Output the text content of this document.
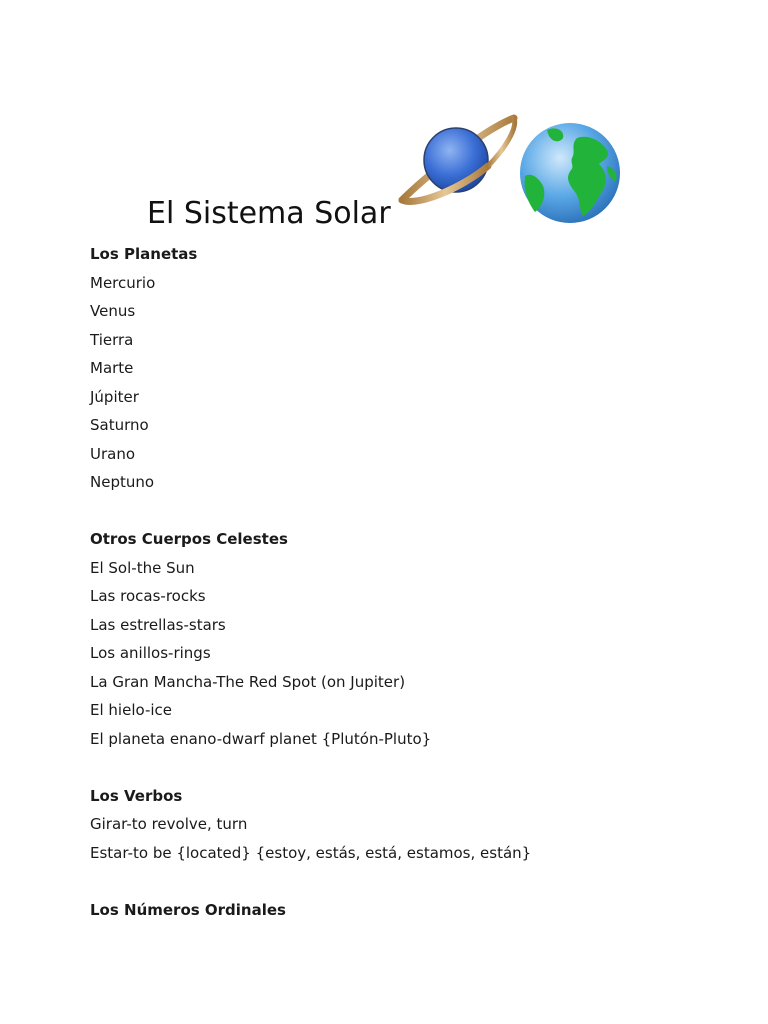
El Sistema Solar
Los Planetas
Mercurio
Venus
Tierra
Marte
Júpiter
Saturno
Urano
Neptuno
Otros Cuerpos Celestes
El Sol-the Sun
Las rocas-rocks
Las estrellas-stars
Los anillos-rings
La Gran Mancha-The Red Spot (on Jupiter)
El hielo-ice
El planeta enano-dwarf planet {Plutón-Pluto}
Los Verbos
Girar-to revolve, turn
Estar-to be {located} {estoy, estás, está, estamos, están}
Los Números Ordinales
